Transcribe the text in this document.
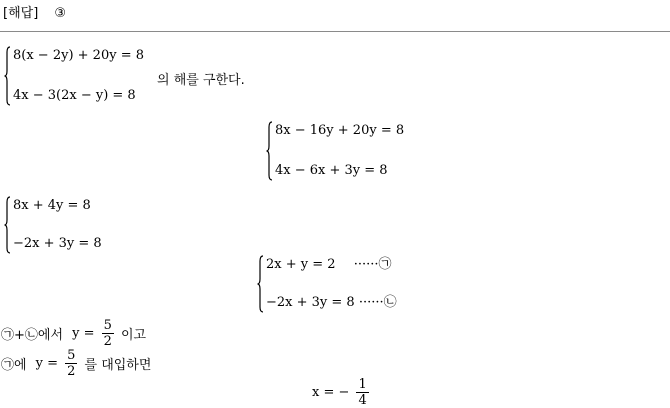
[해답] ③
8(x − 2y) + 20y = 8
4x − 3(2x − y) = 8
의 해를 구한다.
8x − 16y + 20y = 8
4x − 6x + 3y = 8
8x + 4y = 8
−2x + 3y = 8
2x + y = 2 ······㉠
−2x + 3y = 8 ······㉡
㉠+㉡에서 $y = \frac{5}{2}$ 이고
㉠에 $y = \frac{5}{2}$ 를 대입하면
x = − $\frac{1}{4}$
